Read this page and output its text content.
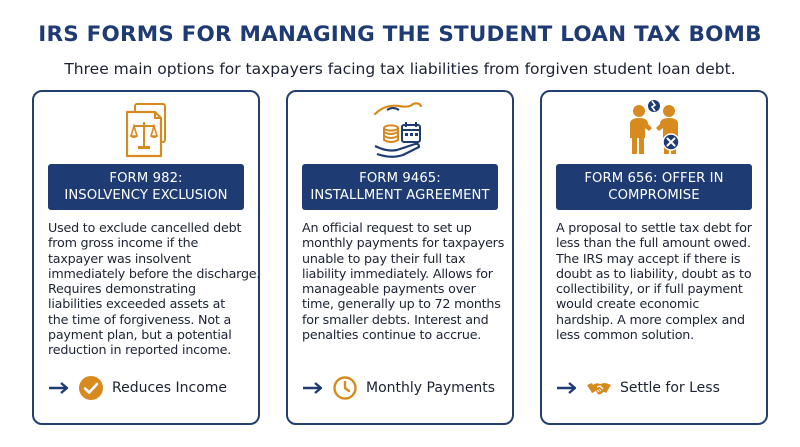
IRS FORMS FOR MANAGING THE STUDENT LOAN TAX BOMB
Three main options for taxpayers facing tax liabilities from forgiven student loan debt.
FORM 982:
INSOLVENCY EXCLUSION
Used to exclude cancelled debt
from gross income if the
taxpayer was insolvent
immediately before the discharge.
Requires demonstrating
liabilities exceeded assets at
the time of forgiveness. Not a
payment plan, but a potential
reduction in reported income.
Reduces Income
FORM 9465:
INSTALLMENT AGREEMENT
An official request to set up
monthly payments for taxpayers
unable to pay their full tax
liability immediately. Allows for
manageable payments over
time, generally up to 72 months
for smaller debts. Interest and
penalties continue to accrue.
Monthly Payments
FORM 656: OFFER IN
COMPROMISE
A proposal to settle tax debt for
less than the full amount owed.
The IRS may accept if there is
doubt as to liability, doubt as to
collectibility, or if full payment
would create economic
hardship. A more complex and
less common solution.
Settle for Less
